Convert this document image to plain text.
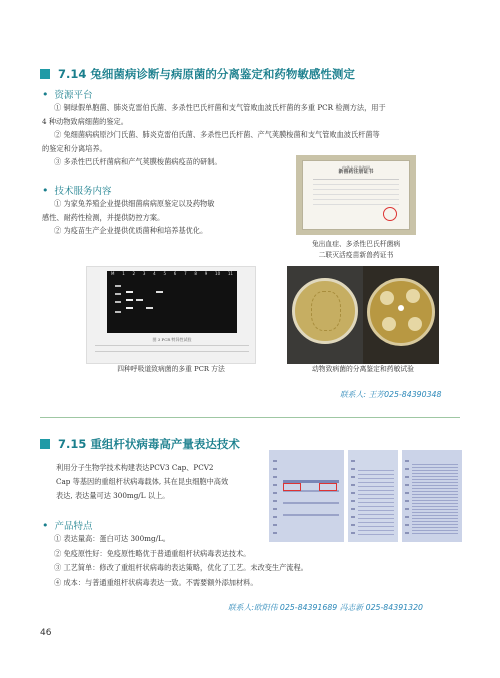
7.14 兔细菌病诊断与病原菌的分离鉴定和药物敏感性测定
• 资源平台
① 铜绿假单胞菌、肺炎克雷伯氏菌、多杀性巴氏杆菌和支气管败血波氏杆菌的多重 PCR 检测方法，用于
4 种动物致病细菌的鉴定。
② 兔细菌病病原沙门氏菌、肺炎克雷伯氏菌、多杀性巴氏杆菌、产气荚膜梭菌和支气管败血波氏杆菌等
的鉴定和分离培养。
③ 多杀性巴氏杆菌病和产气荚膜梭菌病疫苗的研制。
• 技术服务内容
① 为家兔养殖企业提供细菌病病原鉴定以及药物敏
感性、耐药性检测，并提供防控方案。
② 为疫苗生产企业提供优质菌种和培养基优化。
中华人民共和国
新兽药注册证书
兔出血症、多杀性巴氏杆菌病
二联灭活疫苗新兽药证书
M 1 2 3 4 5 6 7 8 9 10 11
图 3 PCR 特异性试验
四种呼吸道致病菌的多重 PCR 方法	动物致病菌的分离鉴定和药敏试验
联系人: 王芳025-84390348
7.15 重组杆状病毒高产量表达技术
利用分子生物学技术构建表达PCV3 Cap、PCV2
Cap 等基因的重组杆状病毒载体, 其在昆虫细胞中高效
表达, 表达量可达 300mg/L 以上。
• 产品特点
① 表达量高：蛋白可达 300mg/L。
② 免疫原性好：免疫原性略优于普通重组杆状病毒表达技术。
③ 工艺简单：修改了重组杆状病毒的表达策略，优化了工艺。未改变生产流程。
④ 成本：与普通重组杆状病毒表达一致。不需要额外添加材料。
联系人:欧阳伟 025-84391689 冯志新 025-84391320
46
